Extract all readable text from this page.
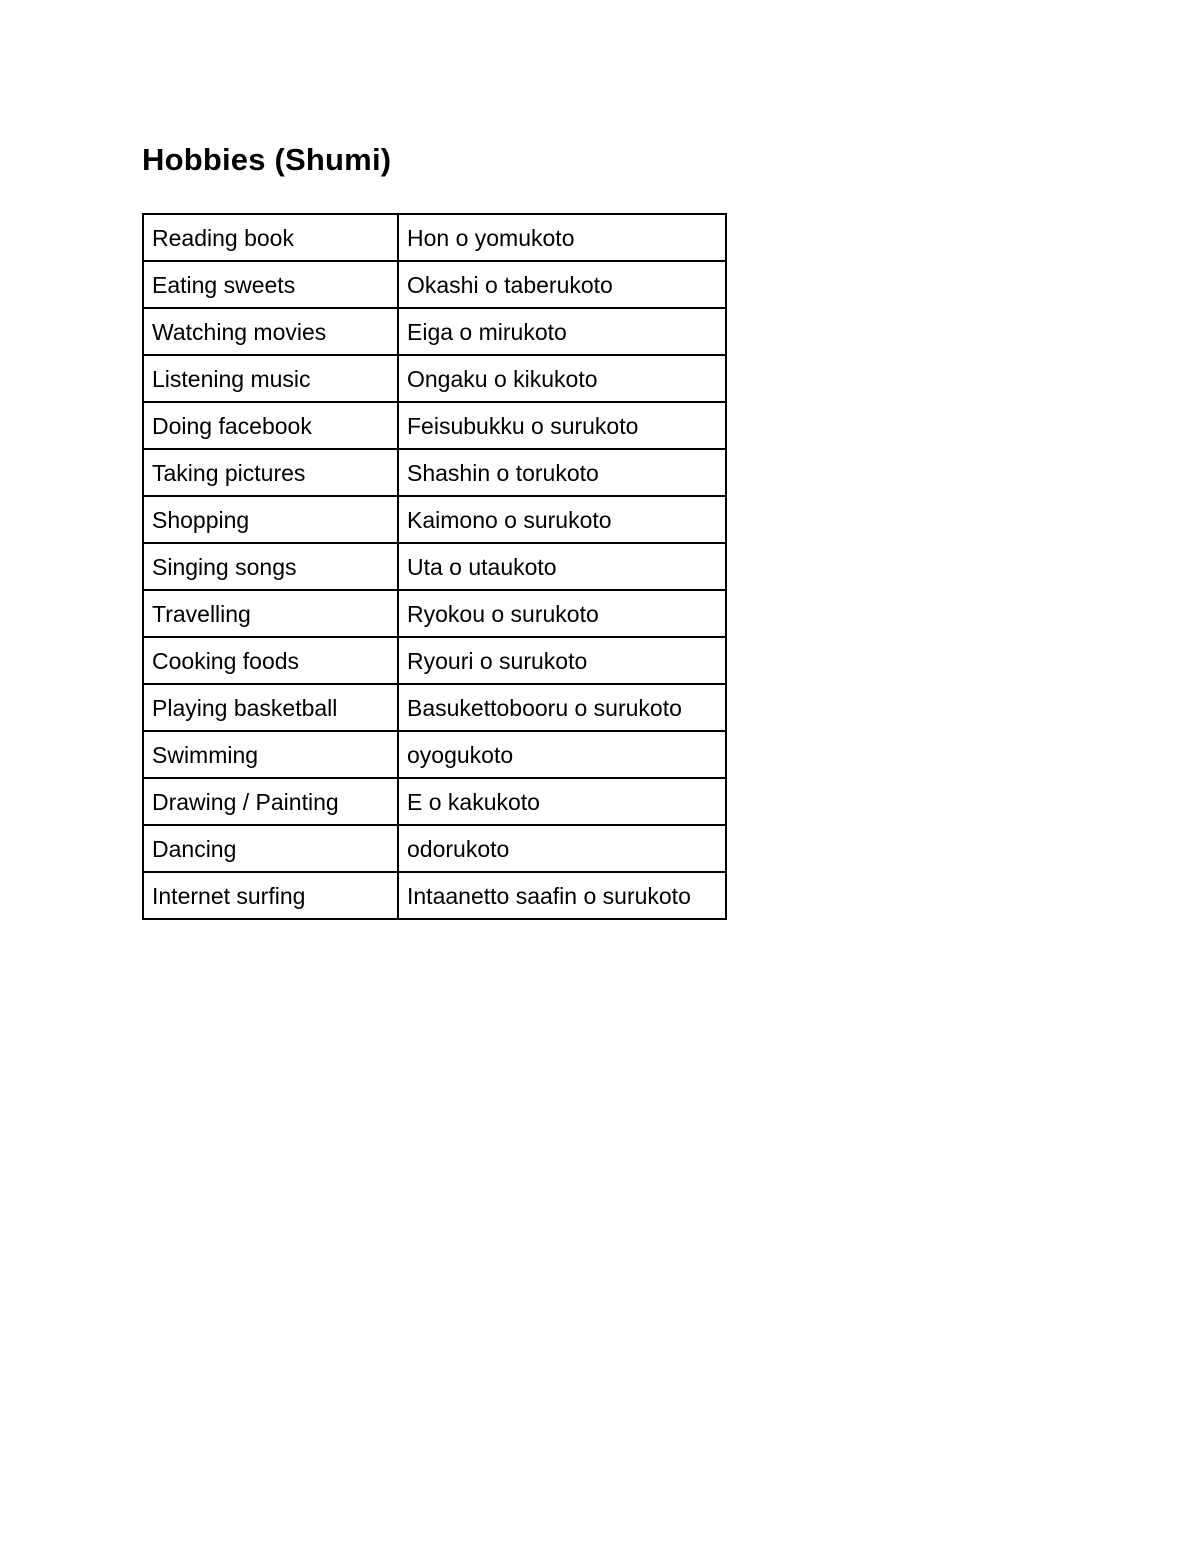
Hobbies (Shumi)
Reading book	Hon o yomukoto
Eating sweets	Okashi o taberukoto
Watching movies	Eiga o mirukoto
Listening music	Ongaku o kikukoto
Doing facebook	Feisubukku o surukoto
Taking pictures	Shashin o torukoto
Shopping	Kaimono o surukoto
Singing songs	Uta o utaukoto
Travelling	Ryokou o surukoto
Cooking foods	Ryouri o surukoto
Playing basketball	Basukettobooru o surukoto
Swimming	oyogukoto
Drawing / Painting	E o kakukoto
Dancing	odorukoto
Internet surfing	Intaanetto saafin o surukoto
